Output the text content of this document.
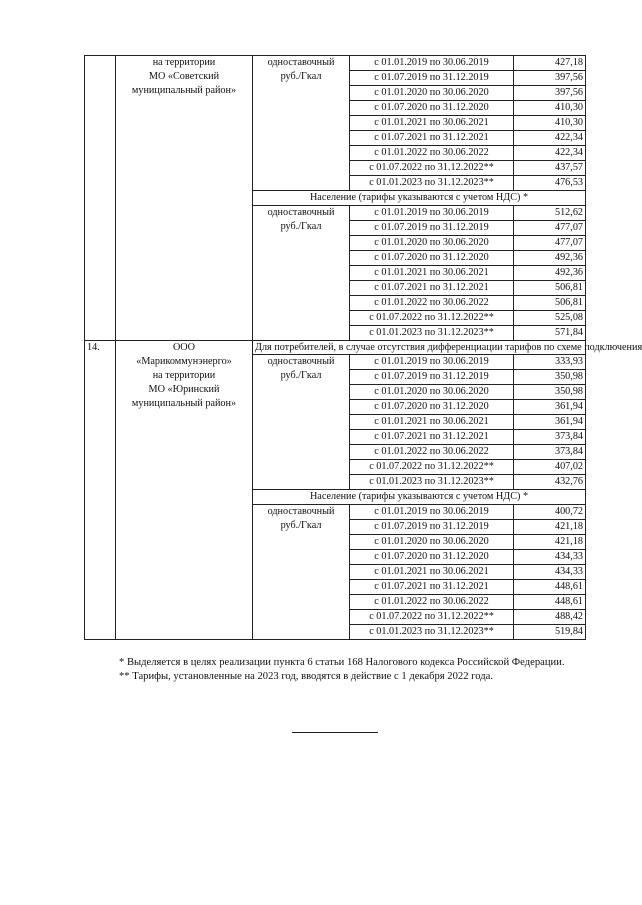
	на территории
МО «Советский
муниципальный район»	одноставочный
руб./Гкал	с 01.01.2019 по 30.06.2019	427,18
			с 01.07.2019 по 31.12.2019	397,56
			с 01.01.2020 по 30.06.2020	397,56
			с 01.07.2020 по 31.12.2020	410,30
			с 01.01.2021 по 30.06.2021	410,30
			с 01.07.2021 по 31.12.2021	422,34
			с 01.01.2022 по 30.06.2022	422,34
			с 01.07.2022 по 31.12.2022**	437,57
			с 01.01.2023 по 31.12.2023**	476,53
		Население (тарифы указываются с учетом НДС) *		

		одноставочный
руб./Гкал	с 01.01.2019 по 30.06.2019	512,62
			с 01.07.2019 по 31.12.2019	477,07
			с 01.01.2020 по 30.06.2020	477,07
			с 01.07.2020 по 31.12.2020	492,36
			с 01.01.2021 по 30.06.2021	492,36
			с 01.07.2021 по 31.12.2021	506,81
			с 01.01.2022 по 30.06.2022	506,81
			с 01.07.2022 по 31.12.2022**	525,08
			с 01.01.2023 по 31.12.2023**	571,84
14.	ООО
«Марикоммунэнерго»
на территории
МО «Юринский
муниципальный район»	Для потребителей, в случае отсутствия дифференциации тарифов по схеме подключения		

		одноставочный
руб./Гкал	с 01.01.2019 по 30.06.2019	333,93
			с 01.07.2019 по 31.12.2019	350,98
			с 01.01.2020 по 30.06.2020	350,98
			с 01.07.2020 по 31.12.2020	361,94
			с 01.01.2021 по 30.06.2021	361,94
			с 01.07.2021 по 31.12.2021	373,84
			с 01.01.2022 по 30.06.2022	373,84
			с 01.07.2022 по 31.12.2022**	407,02
			с 01.01.2023 по 31.12.2023**	432,76
		Население (тарифы указываются с учетом НДС) *		

		одноставочный
руб./Гкал	с 01.01.2019 по 30.06.2019	400,72
			с 01.07.2019 по 31.12.2019	421,18
			с 01.01.2020 по 30.06.2020	421,18
			с 01.07.2020 по 31.12.2020	434,33
			с 01.01.2021 по 30.06.2021	434,33
			с 01.07.2021 по 31.12.2021	448,61
			с 01.01.2022 по 30.06.2022	448,61
			с 01.07.2022 по 31.12.2022**	488,42
			с 01.01.2023 по 31.12.2023**	519,84

* Выделяется в целях реализации пункта 6 статьи 168 Налогового кодекса Российской Федерации.

** Тарифы, установленные на 2023 год, вводятся в действие с 1 декабря 2022 года.
